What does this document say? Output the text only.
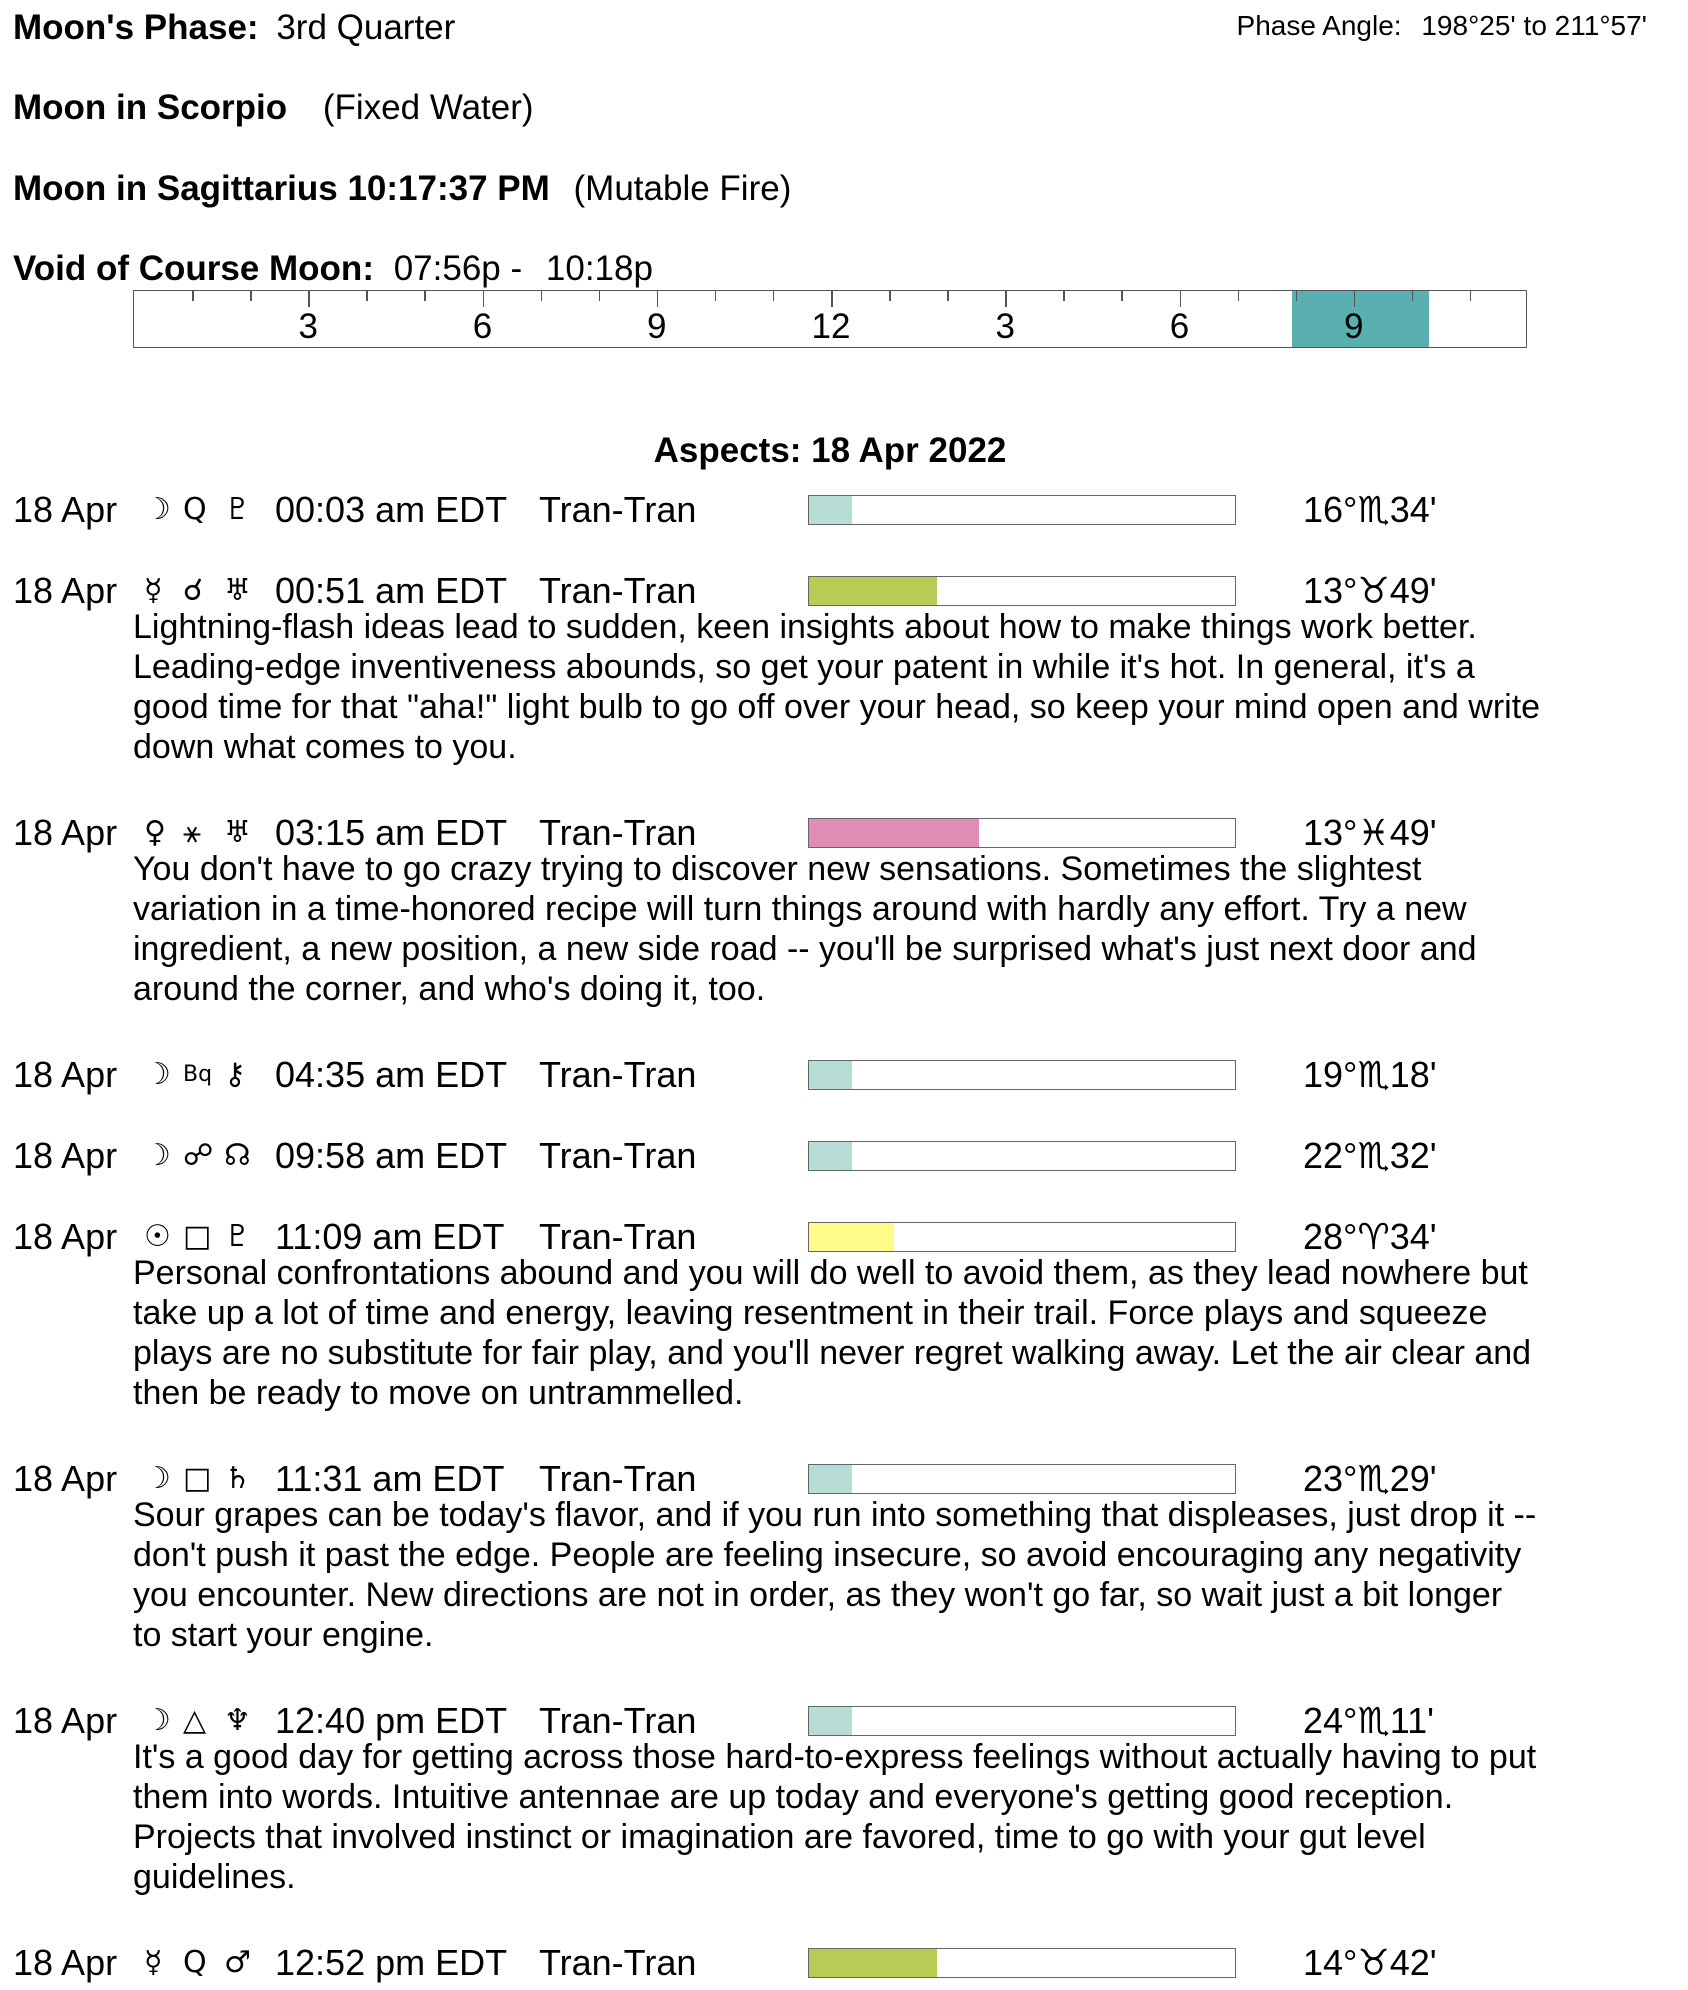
Moon's Phase: 3rd Quarter	Phase Angle: 198°25' to 211°57'
Moon in Scorpio (Fixed Water)
Moon in Sagittarius 10:17:37 PM (Mutable Fire)
Void of Course Moon: 07:56p - 10:18p
3	6	9	12	3	6	9
Aspects: 18 Apr 2022
18 Apr ☽ Q ♇ 00:03 am EDT Tran-Tran	16°♏34'
18 Apr ☿ ☌ ♅ 00:51 am EDT Tran-Tran	13°♉49'
Lightning-flash ideas lead to sudden, keen insights about how to make things work better.
Leading-edge inventiveness abounds, so get your patent in while it's hot. In general, it's a
good time for that "aha!" light bulb to go off over your head, so keep your mind open and write
down what comes to you.
18 Apr ♀ ⚹ ♅ 03:15 am EDT Tran-Tran	13°♓49'
You don't have to go crazy trying to discover new sensations. Sometimes the slightest
variation in a time-honored recipe will turn things around with hardly any effort. Try a new
ingredient, a new position, a new side road -- you'll be surprised what's just next door and
around the corner, and who's doing it, too.
18 Apr ☽ Bq ⚷ 04:35 am EDT Tran-Tran	19°♏18'
18 Apr ☽ ☍ ☊ 09:58 am EDT Tran-Tran	22°♏32'
18 Apr ☉ □ ♇ 11:09 am EDT Tran-Tran	28°♈34'
Personal confrontations abound and you will do well to avoid them, as they lead nowhere but
take up a lot of time and energy, leaving resentment in their trail. Force plays and squeeze
plays are no substitute for fair play, and you'll never regret walking away. Let the air clear and
then be ready to move on untrammelled.
18 Apr ☽ □ ♄ 11:31 am EDT Tran-Tran	23°♏29'
Sour grapes can be today's flavor, and if you run into something that displeases, just drop it --
don't push it past the edge. People are feeling insecure, so avoid encouraging any negativity
you encounter. New directions are not in order, as they won't go far, so wait just a bit longer
to start your engine.
18 Apr ☽ △ ♆ 12:40 pm EDT Tran-Tran	24°♏11'
It's a good day for getting across those hard-to-express feelings without actually having to put
them into words. Intuitive antennae are up today and everyone's getting good reception.
Projects that involved instinct or imagination are favored, time to go with your gut level
guidelines.
18 Apr ☿ Q ♂ 12:52 pm EDT Tran-Tran	14°♉42'
